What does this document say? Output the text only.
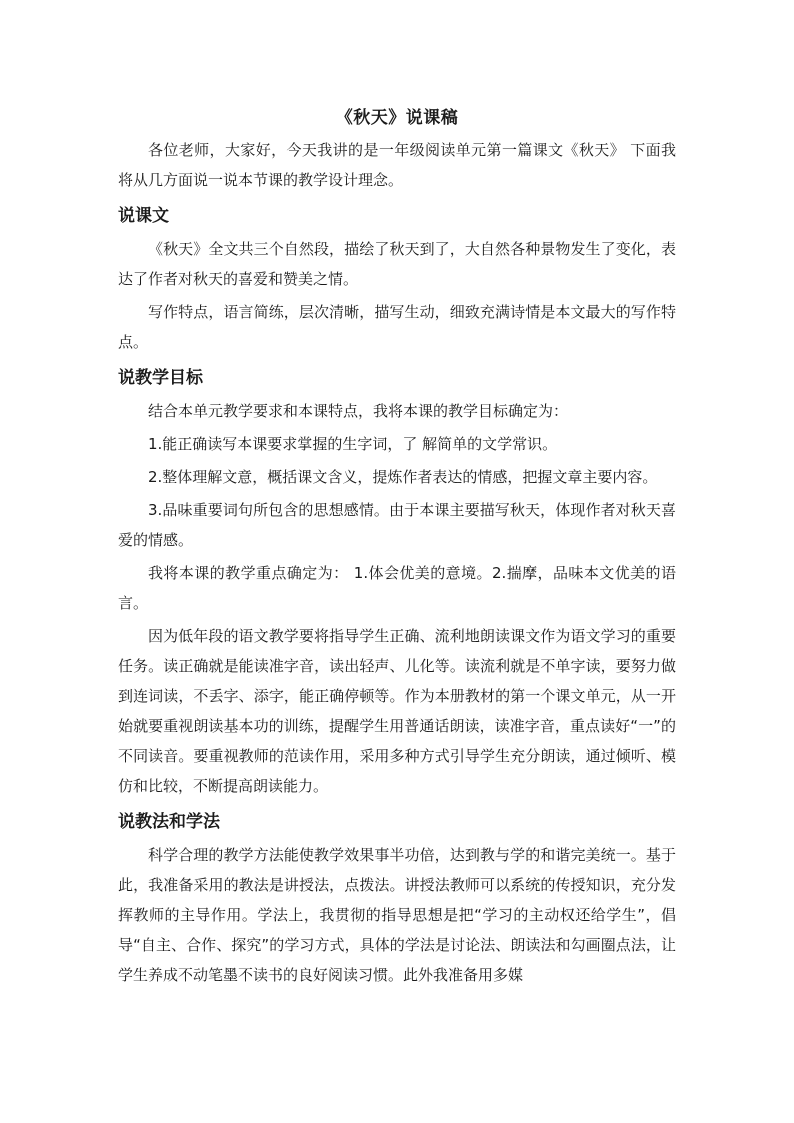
《秋天》说课稿

各位老师，大家好，今天我讲的是一年级阅读单元第一篇课文《秋天》 下面我将从几方面说一说本节课的教学设计理念。

说课文

《秋天》全文共三个自然段，描绘了秋天到了，大自然各种景物发生了变化，表达了作者对秋天的喜爱和赞美之情。

写作特点，语言简练，层次清晰，描写生动，细致充满诗情是本文最大的写作特点。

说教学目标

结合本单元教学要求和本课特点，我将本课的教学目标确定为：

1.能正确读写本课要求掌握的生字词，了 解简单的文学常识。

2.整体理解文意，概括课文含义，提炼作者表达的情感，把握文章主要内容。

3.品味重要词句所包含的思想感情。由于本课主要描写秋天，体现作者对秋天喜爱的情感。

我将本课的教学重点确定为： 1.体会优美的意境。2.揣摩，品味本文优美的语言。

因为低年段的语文教学要将指导学生正确、流利地朗读课文作为语文学习的重要任务。读正确就是能读准字音，读出轻声、儿化等。读流利就是不单字读，要努力做到连词读，不丢字、添字，能正确停顿等。作为本册教材的第一个课文单元，从一开始就要重视朗读基本功的训练，提醒学生用普通话朗读，读准字音，重点读好“一”的不同读音。要重视教师的范读作用，采用多种方式引导学生充分朗读，通过倾听、模仿和比较，不断提高朗读能力。

说教法和学法

科学合理的教学方法能使教学效果事半功倍，达到教与学的和谐完美统一。基于此，我准备采用的教法是讲授法，点拨法。讲授法教师可以系统的传授知识，充分发挥教师的主导作用。学法上，我贯彻的指导思想是把“学习的主动权还给学生”，倡导“自主、合作、探究”的学习方式，具体的学法是讨论法、朗读法和勾画圈点法，让学生养成不动笔墨不读书的良好阅读习惯。此外我准备用多媒
